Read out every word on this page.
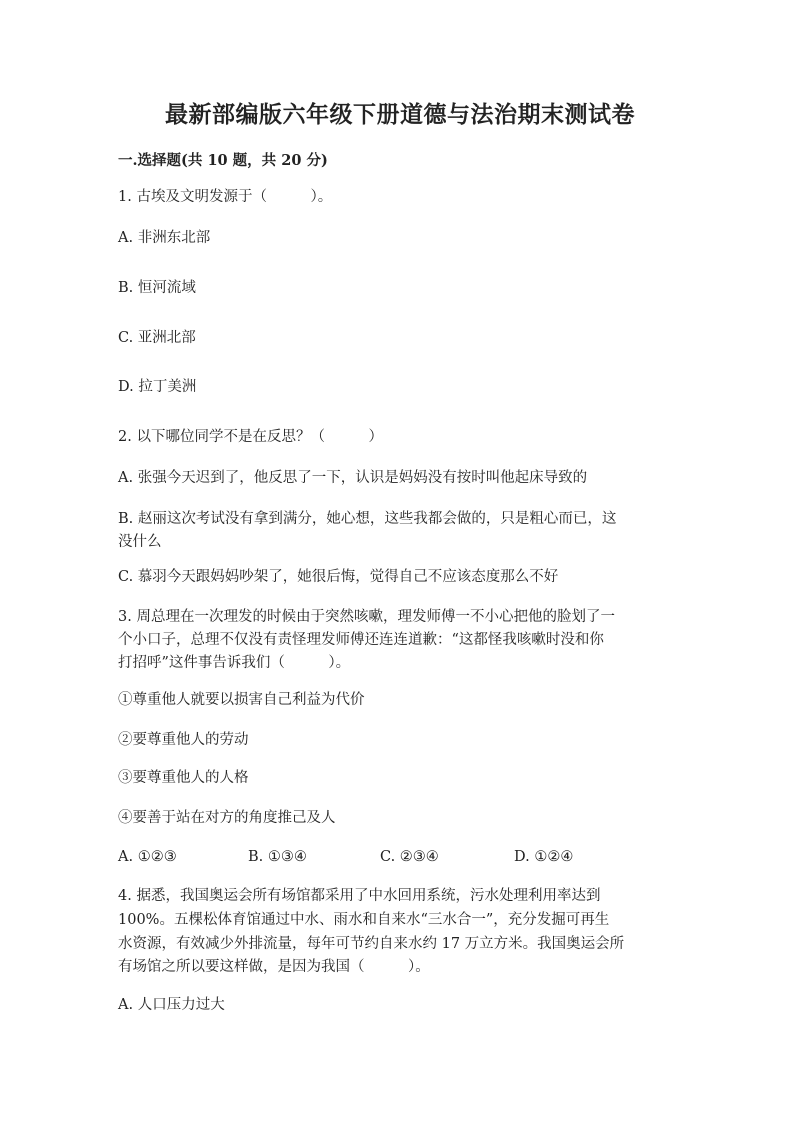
最新部编版六年级下册道德与法治期末测试卷
一.选择题(共 10 题，共 20 分)
1. 古埃及文明发源于（　　　）。
A. 非洲东北部
B. 恒河流域
C. 亚洲北部
D. 拉丁美洲
2. 以下哪位同学不是在反思？（　　　）
A. 张强今天迟到了，他反思了一下，认识是妈妈没有按时叫他起床导致的
B. 赵丽这次考试没有拿到满分，她心想，这些我都会做的，只是粗心而已，这
没什么
C. 慕羽今天跟妈妈吵架了，她很后悔，觉得自己不应该态度那么不好
3. 周总理在一次理发的时候由于突然咳嗽，理发师傅一不小心把他的脸划了一
个小口子，总理不仅没有责怪理发师傅还连连道歉：“这都怪我咳嗽时没和你
打招呼”这件事告诉我们（　　　）。
①尊重他人就要以损害自己利益为代价
②要尊重他人的劳动
③要尊重他人的人格
④要善于站在对方的角度推己及人
A. ①②③	B. ①③④	C. ②③④	D. ①②④
4. 据悉，我国奥运会所有场馆都采用了中水回用系统，污水处理利用率达到
100%。五棵松体育馆通过中水、雨水和自来水“三水合一”，充分发掘可再生
水资源，有效减少外排流量，每年可节约自来水约 17 万立方米。我国奥运会所
有场馆之所以要这样做，是因为我国（　　　）。
A. 人口压力过大
